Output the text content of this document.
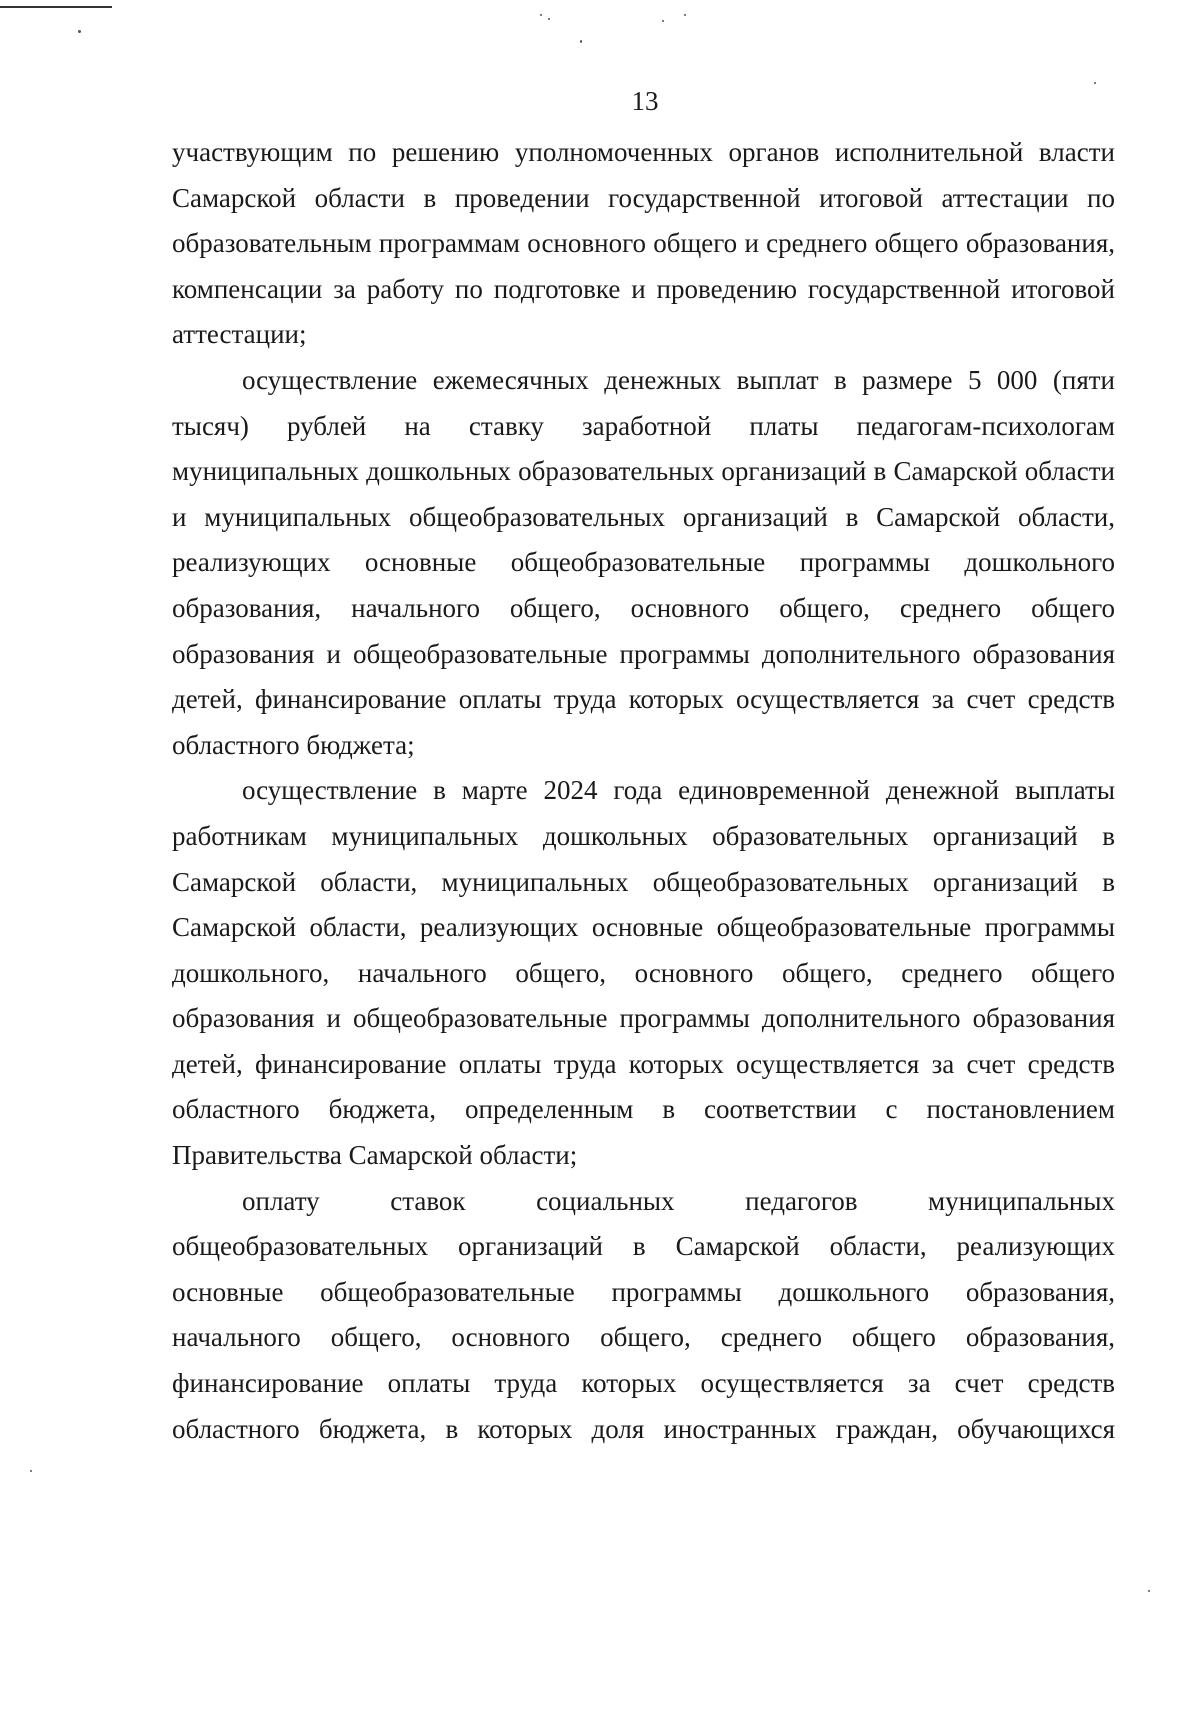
13

участвующим по решению уполномоченных органов исполнительной власти Самарской области в проведении государственной итоговой аттестации по образовательным программам основного общего и среднего общего образования, компенсации за работу по подготовке и проведению государственной итоговой аттестации;

осуществление ежемесячных денежных выплат в размере 5 000 (пяти тысяч) рублей на ставку заработной платы педагогам-психологам муниципальных дошкольных образовательных организаций в Самарской области и муниципальных общеобразовательных организаций в Самарской области, реализующих основные общеобразовательные программы дошкольного образования, начального общего, основного общего, среднего общего образования и общеобразовательные программы дополнительного образования детей, финансирование оплаты труда которых осуществляется за счет средств областного бюджета;

осуществление в марте 2024 года единовременной денежной выплаты работникам муниципальных дошкольных образовательных организаций в Самарской области, муниципальных общеобразовательных организаций в Самарской области, реализующих основные общеобразовательные программы дошкольного, начального общего, основного общего, среднего общего образования и общеобразовательные программы дополнительного образования детей, финансирование оплаты труда которых осуществляется за счет средств областного бюджета, определенным в соответствии с постановлением Правительства Самарской области;

оплату ставок социальных педагогов муниципальных общеобразовательных организаций в Самарской области, реализующих основные общеобразовательные программы дошкольного образования, начального общего, основного общего, среднего общего образования, финансирование оплаты труда которых осуществляется за счет средств областного бюджета, в которых доля иностранных граждан, обучающихся
